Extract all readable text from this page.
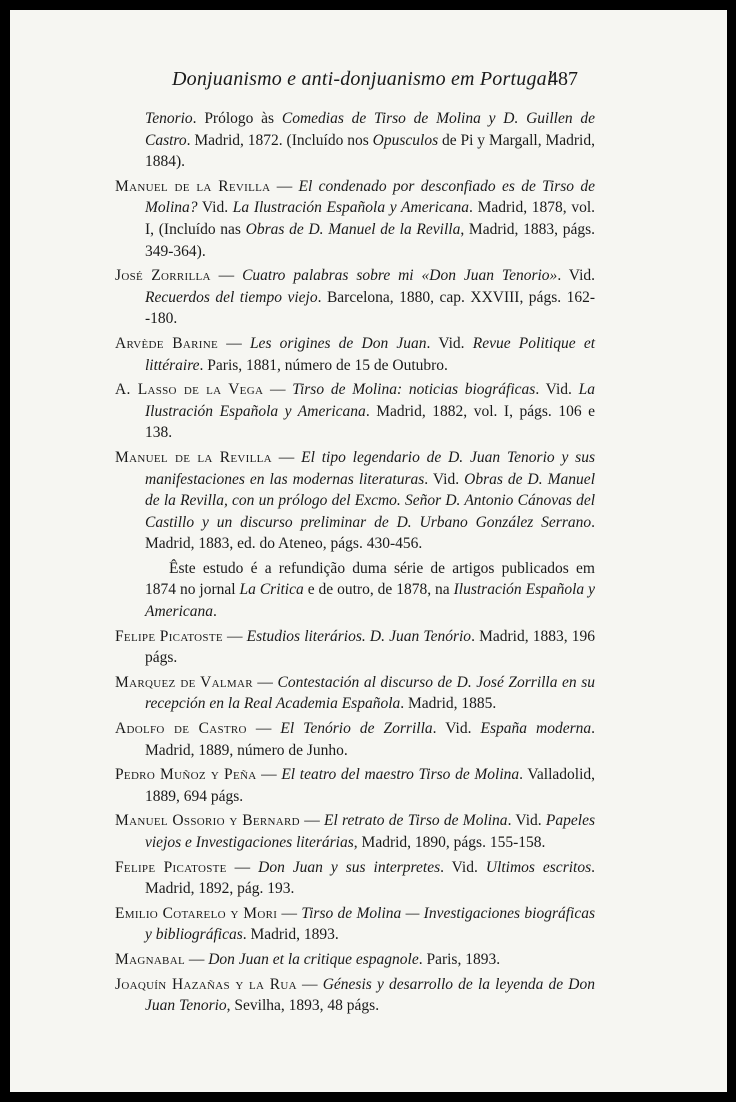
Donjuanismo e anti-donjuanismo em Portugal
487

Tenorio. Prólogo às Comedias de Tirso de Molina y D. Guillen de Castro. Madrid, 1872. (Incluído nos Opusculos de Pi y Margall, Madrid, 1884).

Manuel de la Revilla — El condenado por desconfiado es de Tirso de Molina? Vid. La Ilustración Española y Americana. Madrid, 1878, vol. I, (Incluído nas Obras de D. Manuel de la Revilla, Madrid, 1883, págs. 349-364).

José Zorrilla — Cuatro palabras sobre mi «Don Juan Tenorio». Vid. Recuerdos del tiempo viejo. Barcelona, 1880, cap. XXVIII, págs. 162--180.

Arvède Barine — Les origines de Don Juan. Vid. Revue Politique et littéraire. Paris, 1881, número de 15 de Outubro.

A. Lasso de la Vega — Tirso de Molina: noticias biográficas. Vid. La Ilustración Española y Americana. Madrid, 1882, vol. I, págs. 106 e 138.

Manuel de la Revilla — El tipo legendario de D. Juan Tenorio y sus manifestaciones en las modernas literaturas. Vid. Obras de D. Manuel de la Revilla, con un prólogo del Excmo. Señor D. Antonio Cánovas del Castillo y un discurso preliminar de D. Urbano González Serrano. Madrid, 1883, ed. do Ateneo, págs. 430-456.

Êste estudo é a refundição duma série de artigos publicados em 1874 no jornal La Critica e de outro, de 1878, na Ilustración Española y Americana.

Felipe Picatoste — Estudios literários. D. Juan Tenório. Madrid, 1883, 196 págs.

Marquez de Valmar — Contestación al discurso de D. José Zorrilla en su recepción en la Real Academia Española. Madrid, 1885.

Adolfo de Castro — El Tenório de Zorrilla. Vid. España moderna. Madrid, 1889, número de Junho.

Pedro Muñoz y Peña — El teatro del maestro Tirso de Molina. Valladolid, 1889, 694 págs.

Manuel Ossorio y Bernard — El retrato de Tirso de Molina. Vid. Papeles viejos e Investigaciones literárias, Madrid, 1890, págs. 155-158.

Felipe Picatoste — Don Juan y sus interpretes. Vid. Ultimos escritos. Madrid, 1892, pág. 193.

Emilio Cotarelo y Mori — Tirso de Molina — Investigaciones biográficas y bibliográficas. Madrid, 1893.

Magnabal — Don Juan et la critique espagnole. Paris, 1893.

Joaquín Hazañas y la Rua — Génesis y desarrollo de la leyenda de Don Juan Tenorio, Sevilha, 1893, 48 págs.
